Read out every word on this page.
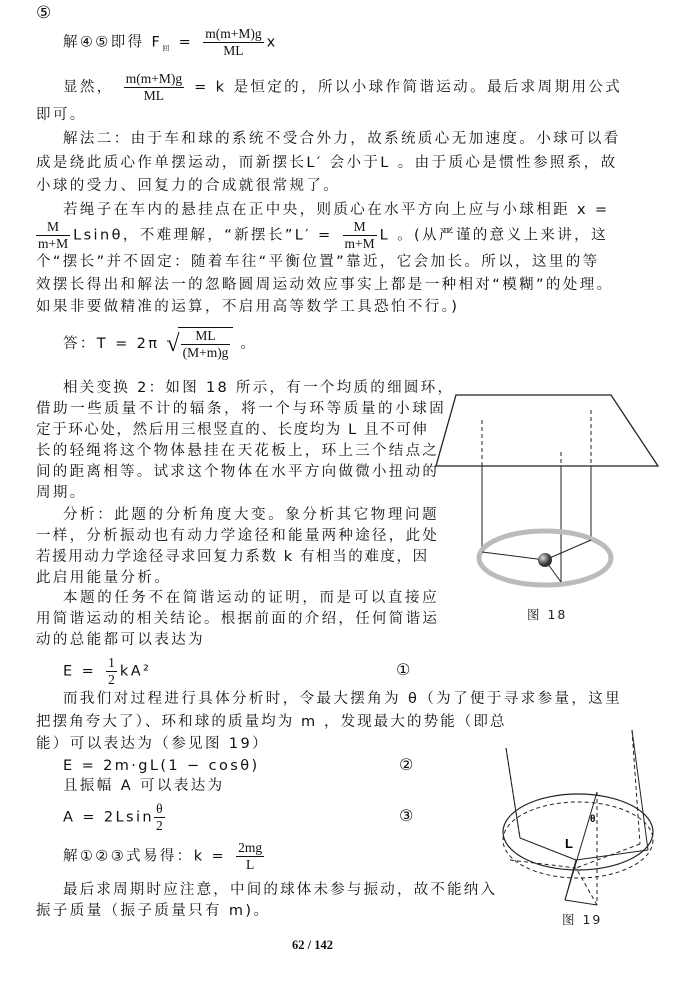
⑤
解④⑤即得 $F_回 = \frac{m(m+M)g}{ML}$ x
显然， $\frac{m(m+M)g}{ML} = k$ 是恒定的，所以小球作简谐运动。最后求周期用公式
即可。
解法二：由于车和球的系统不受合外力，故系统质心无加速度。小球可以看
成是绕此质心作单摆运动，而新摆长L′ 会小于L 。由于质心是惯性参照系，故
小球的受力、回复力的合成就很常规了。
若绳子在车内的悬挂点在正中央，则质心在水平方向上应与小球相距 x =
$\frac{M}{m+M}$ Lsinθ，不难理解，“新摆长”L′ = $\frac{M}{m+M}$ L 。(从严谨的意义上来讲，这
个“摆长”并不固定：随着车往“平衡位置”靠近，它会加长。所以，这里的等
效摆长得出和解法一的忽略圆周运动效应事实上都是一种相对“模糊”的处理。
如果非要做精准的运算，不启用高等数学工具恐怕不行。)
答：T = 2π √ $\frac{ML}{(M+m)g}$ 。
相关变换 2：如图 18 所示，有一个均质的细圆环，
借助一些质量不计的辐条，将一个与环等质量的小球固
定于环心处，然后用三根竖直的、长度均为 L 且不可伸
长的轻绳将这个物体悬挂在天花板上，环上三个结点之
间的距离相等。试求这个物体在水平方向做微小扭动的
周期。
分析：此题的分析角度大变。象分析其它物理问题
一样，分析振动也有动力学途径和能量两种途径，此处
若援用动力学途径寻求回复力系数 k 有相当的难度，因
此启用能量分析。
本题的任务不在简谐运动的证明，而是可以直接应
用简谐运动的相关结论。根据前面的介绍，任何简谐运
动的总能都可以表达为
$E = \frac{1}{2} kA^2$	①
而我们对过程进行具体分析时，令最大摆角为 θ（为了便于寻求参量，这里
把摆角夸大了）、环和球的质量均为 m ，发现最大的势能（即总
能）可以表达为（参见图 19）
E = 2m·gL(1 − cosθ)	②
且振幅 A 可以表达为
$A = 2Lsin \frac{\theta}{2}$	③
解①②③式易得：$k = \frac{2mg}{L}$
最后求周期时应注意，中间的球体未参与振动，故不能纳入
振子质量（振子质量只有 m)。
图 18
L
θ
图 19
62 / 142
